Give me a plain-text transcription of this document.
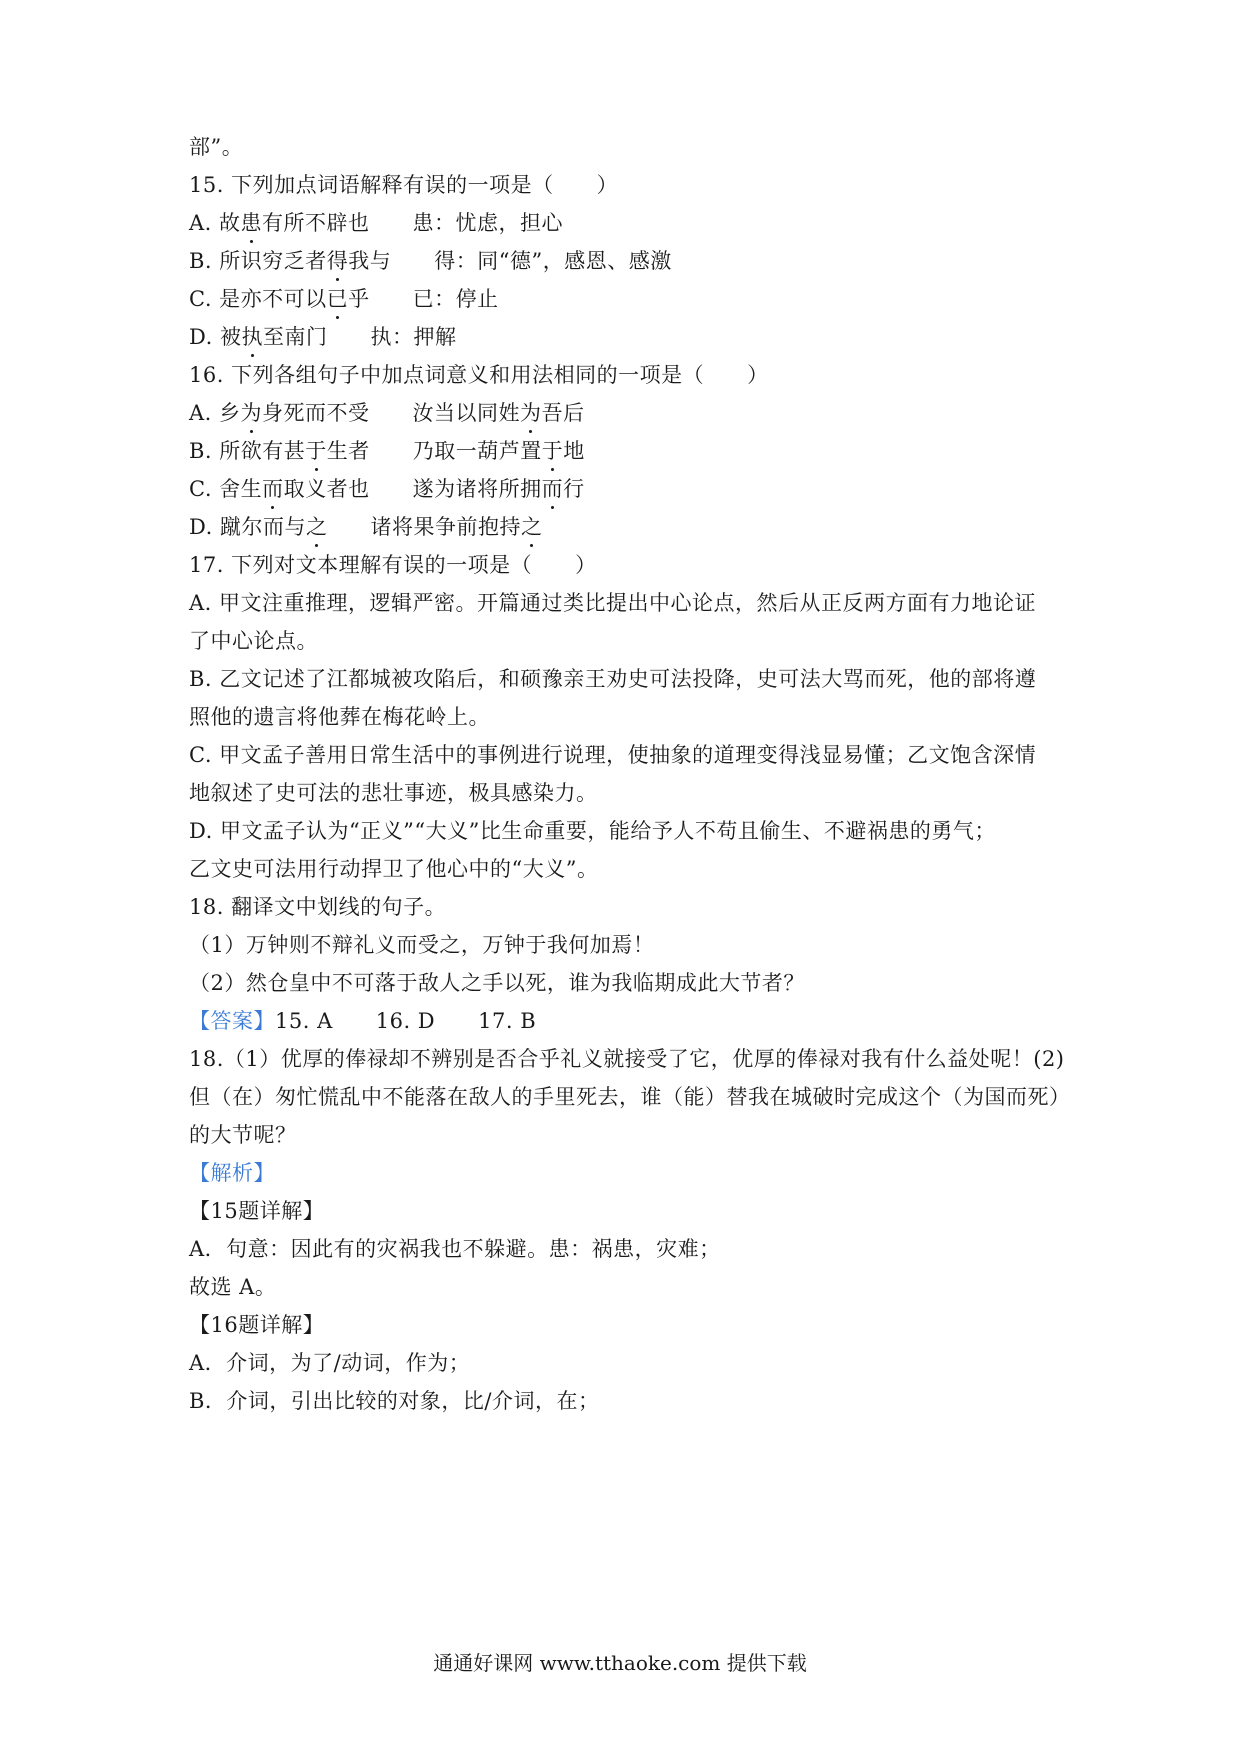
部”。
15. 下列加点词语解释有误的一项是（　　）
A. 故患有所不辟也　　患：忧虑，担心
B. 所识穷乏者得我与　　得：同“德”，感恩、感激
C. 是亦不可以已乎　　已：停止
D. 被执至南门　　执：押解
16. 下列各组句子中加点词意义和用法相同的一项是（　　）
A. 乡为身死而不受　　汝当以同姓为吾后
B. 所欲有甚于生者　　乃取一葫芦置于地
C. 舍生而取义者也　　遂为诸将所拥而行
D. 蹴尔而与之　　诸将果争前抱持之
17. 下列对文本理解有误的一项是（　　）
A. 甲文注重推理，逻辑严密。开篇通过类比提出中心论点，然后从正反两方面有力地论证
了中心论点。
B. 乙文记述了江都城被攻陷后，和硕豫亲王劝史可法投降，史可法大骂而死，他的部将遵
照他的遗言将他葬在梅花岭上。
C. 甲文孟子善用日常生活中的事例进行说理，使抽象的道理变得浅显易懂；乙文饱含深情
地叙述了史可法的悲壮事迹，极具感染力。
D. 甲文孟子认为“正义”“大义”比生命重要，能给予人不苟且偷生、不避祸患的勇气；
乙文史可法用行动捍卫了他心中的“大义”。
18. 翻译文中划线的句子。
（1）万钟则不辩礼义而受之，万钟于我何加焉！
（2）然仓皇中不可落于敌人之手以死，谁为我临期成此大节者？
【答案】15. A　　16. D　　17. B
18.（1）优厚的俸禄却不辨别是否合乎礼义就接受了它，优厚的俸禄对我有什么益处呢！(2)
但（在）匆忙慌乱中不能落在敌人的手里死去，谁（能）替我在城破时完成这个（为国而死）
的大节呢？
【解析】
【15题详解】
A．句意：因此有的灾祸我也不躲避。患：祸患，灾难；
故选 A。
【16题详解】
A．介词，为了/动词，作为；
B．介词，引出比较的对象，比/介词，在；
通通好课网 www.tthaoke.com 提供下载
